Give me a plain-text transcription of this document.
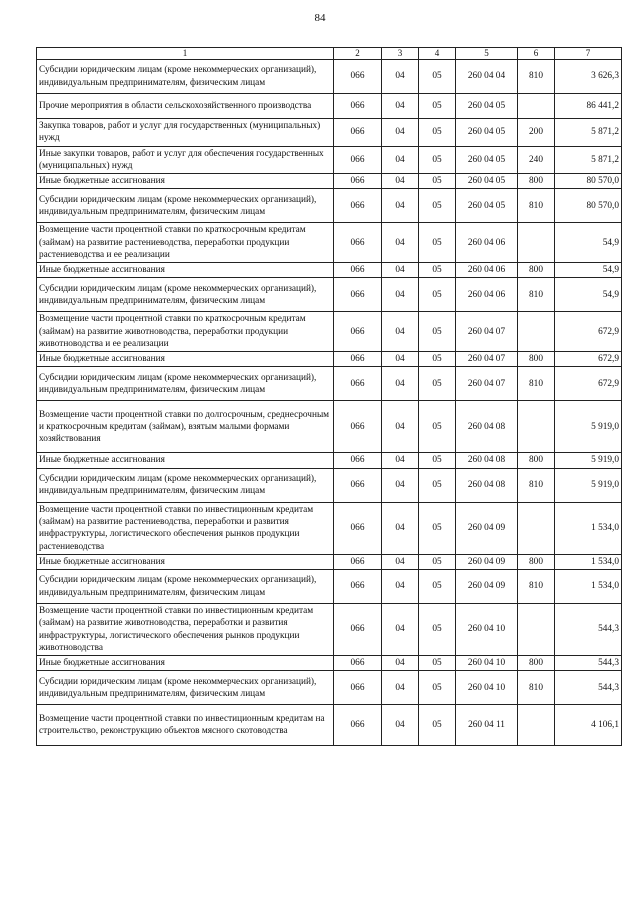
84
1	2	3	4	5	6	7
Субсидии юридическим лицам (кроме некоммерческих организаций), индивидуальным предпринимателям, физическим лицам	066	04	05	260 04 04	810	3 626,3
Прочие мероприятия в области сельскохозяйственного производства	066	04	05	260 04 05		86 441,2
Закупка товаров, работ и услуг для государственных (муниципальных) нужд	066	04	05	260 04 05	200	5 871,2
Иные закупки товаров, работ и услуг для обеспечения государственных (муниципальных) нужд	066	04	05	260 04 05	240	5 871,2
Иные бюджетные ассигнования	066	04	05	260 04 05	800	80 570,0
Субсидии юридическим лицам (кроме некоммерческих организаций), индивидуальным предпринимателям, физическим лицам	066	04	05	260 04 05	810	80 570,0
Возмещение части процентной ставки по краткосрочным кредитам (займам) на развитие растениеводства, переработки продукции растениеводства и ее реализации	066	04	05	260 04 06		54,9
Иные бюджетные ассигнования	066	04	05	260 04 06	800	54,9
Субсидии юридическим лицам (кроме некоммерческих организаций), индивидуальным предпринимателям, физическим лицам	066	04	05	260 04 06	810	54,9
Возмещение части процентной ставки по краткосрочным кредитам (займам) на развитие животноводства, переработки продукции животноводства и ее реализации	066	04	05	260 04 07		672,9
Иные бюджетные ассигнования	066	04	05	260 04 07	800	672,9
Субсидии юридическим лицам (кроме некоммерческих организаций), индивидуальным предпринимателям, физическим лицам	066	04	05	260 04 07	810	672,9
Возмещение части процентной ставки по долгосрочным, среднесрочным и краткосрочным кредитам (займам), взятым малыми формами хозяйствования	066	04	05	260 04 08		5 919,0
Иные бюджетные ассигнования	066	04	05	260 04 08	800	5 919,0
Субсидии юридическим лицам (кроме некоммерческих организаций), индивидуальным предпринимателям, физическим лицам	066	04	05	260 04 08	810	5 919,0
Возмещение части процентной ставки по инвестиционным кредитам (займам) на развитие растениеводства, переработки и развития инфраструктуры, логистического обеспечения рынков продукции растениеводства	066	04	05	260 04 09		1 534,0
Иные бюджетные ассигнования	066	04	05	260 04 09	800	1 534,0
Субсидии юридическим лицам (кроме некоммерческих организаций), индивидуальным предпринимателям, физическим лицам	066	04	05	260 04 09	810	1 534,0
Возмещение части процентной ставки по инвестиционным кредитам (займам) на развитие животноводства, переработки и развития инфраструктуры, логистического обеспечения рынков продукции животноводства	066	04	05	260 04 10		544,3
Иные бюджетные ассигнования	066	04	05	260 04 10	800	544,3
Субсидии юридическим лицам (кроме некоммерческих организаций), индивидуальным предпринимателям, физическим лицам	066	04	05	260 04 10	810	544,3
Возмещение части процентной ставки по инвестиционным кредитам на строительство, реконструкцию объектов мясного скотоводства	066	04	05	260 04 11		4 106,1
